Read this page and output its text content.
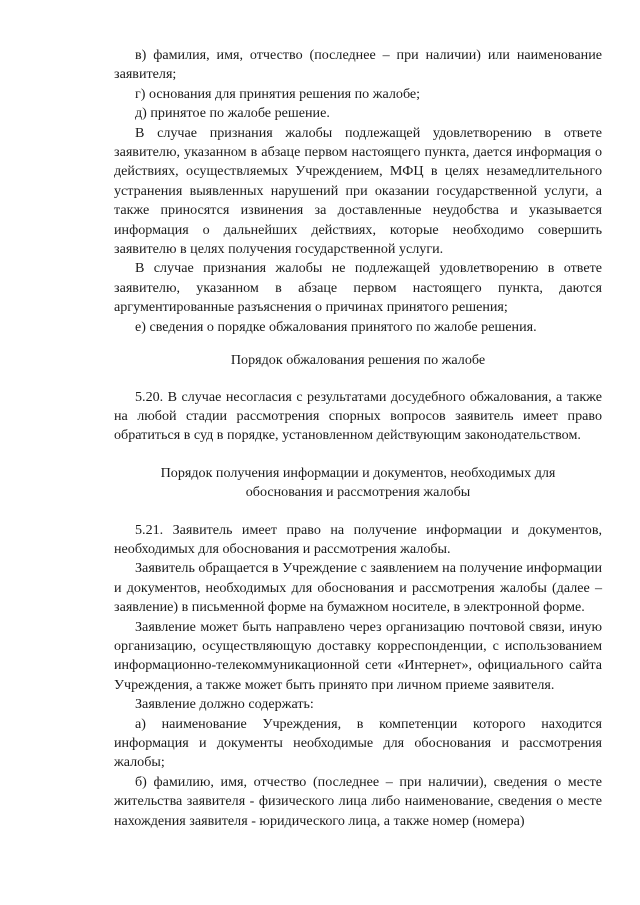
в) фамилия, имя, отчество (последнее – при наличии) или наименование заявителя;

г) основания для принятия решения по жалобе;

д) принятое по жалобе решение.

В случае признания жалобы подлежащей удовлетворению в ответе заявителю, указанном в абзаце первом настоящего пункта, дается информация о действиях, осуществляемых Учреждением, МФЦ в целях незамедлительного устранения выявленных нарушений при оказании государственной услуги, а также приносятся извинения за доставленные неудобства и указывается информация о дальнейших действиях, которые необходимо совершить заявителю в целях получения государственной услуги.

В случае признания жалобы не подлежащей удовлетворению в ответе заявителю, указанном в абзаце первом настоящего пункта, даются аргументированные разъяснения о причинах принятого решения;

е) сведения о порядке обжалования принятого по жалобе решения.

Порядок обжалования решения по жалобе

5.20. В случае несогласия с результатами досудебного обжалования, а также на любой стадии рассмотрения спорных вопросов заявитель имеет право обратиться в суд в порядке, установленном действующим законодательством.

Порядок получения информации и документов, необходимых для
обоснования и рассмотрения жалобы

5.21. Заявитель имеет право на получение информации и документов, необходимых для обоснования и рассмотрения жалобы.

Заявитель обращается в Учреждение с заявлением на получение информации и документов, необходимых для обоснования и рассмотрения жалобы (далее – заявление) в письменной форме на бумажном носителе, в электронной форме.

Заявление может быть направлено через организацию почтовой связи, иную организацию, осуществляющую доставку корреспонденции, с использованием информационно-телекоммуникационной сети «Интернет», официального сайта Учреждения, а также может быть принято при личном приеме заявителя.

Заявление должно содержать:

а) наименование Учреждения, в компетенции которого находится информация и документы необходимые для обоснования и рассмотрения жалобы;

б) фамилию, имя, отчество (последнее – при наличии), сведения о месте жительства заявителя - физического лица либо наименование, сведения о месте нахождения заявителя - юридического лица, а также номер (номера)
